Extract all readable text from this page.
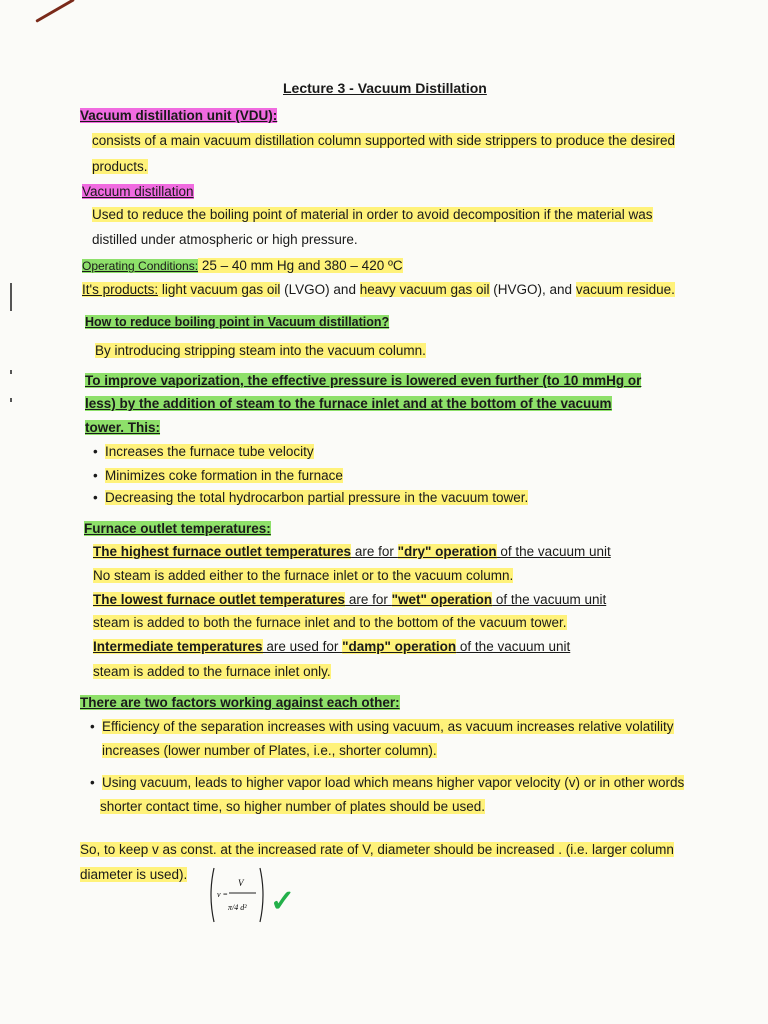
Lecture 3 - Vacuum Distillation
Vacuum distillation unit (VDU):
consists of a main vacuum distillation column supported with side strippers to produce the desired
products.
Vacuum distillation
Used to reduce the boiling point of material in order to avoid decomposition if the material was
distilled under atmospheric or high pressure.
Operating Conditions: 25 – 40 mm Hg and 380 – 420 ºC
It's products: light vacuum gas oil (LVGO) and heavy vacuum gas oil (HVGO), and vacuum residue.
How to reduce boiling point in Vacuum distillation?
By introducing stripping steam into the vacuum column.
To improve vaporization, the effective pressure is lowered even further (to 10 mmHg or
less) by the addition of steam to the furnace inlet and at the bottom of the vacuum
tower. This:
• Increases the furnace tube velocity
• Minimizes coke formation in the furnace
• Decreasing the total hydrocarbon partial pressure in the vacuum tower.
Furnace outlet temperatures:
The highest furnace outlet temperatures are for "dry" operation of the vacuum unit
No steam is added either to the furnace inlet or to the vacuum column.
The lowest furnace outlet temperatures are for "wet" operation of the vacuum unit
steam is added to both the furnace inlet and to the bottom of the vacuum tower.
Intermediate temperatures are used for "damp" operation of the vacuum unit
steam is added to the furnace inlet only.
There are two factors working against each other:
• Efficiency of the separation increases with using vacuum, as vacuum increases relative volatility
increases (lower number of Plates, i.e., shorter column).
• Using vacuum, leads to higher vapor load which means higher vapor velocity (v) or in other words
shorter contact time, so higher number of plates should be used.
So, to keep v as const. at the increased rate of V, diameter should be increased . (i.e. larger column
diameter is used).
v =
V
π/4 d² ✓
